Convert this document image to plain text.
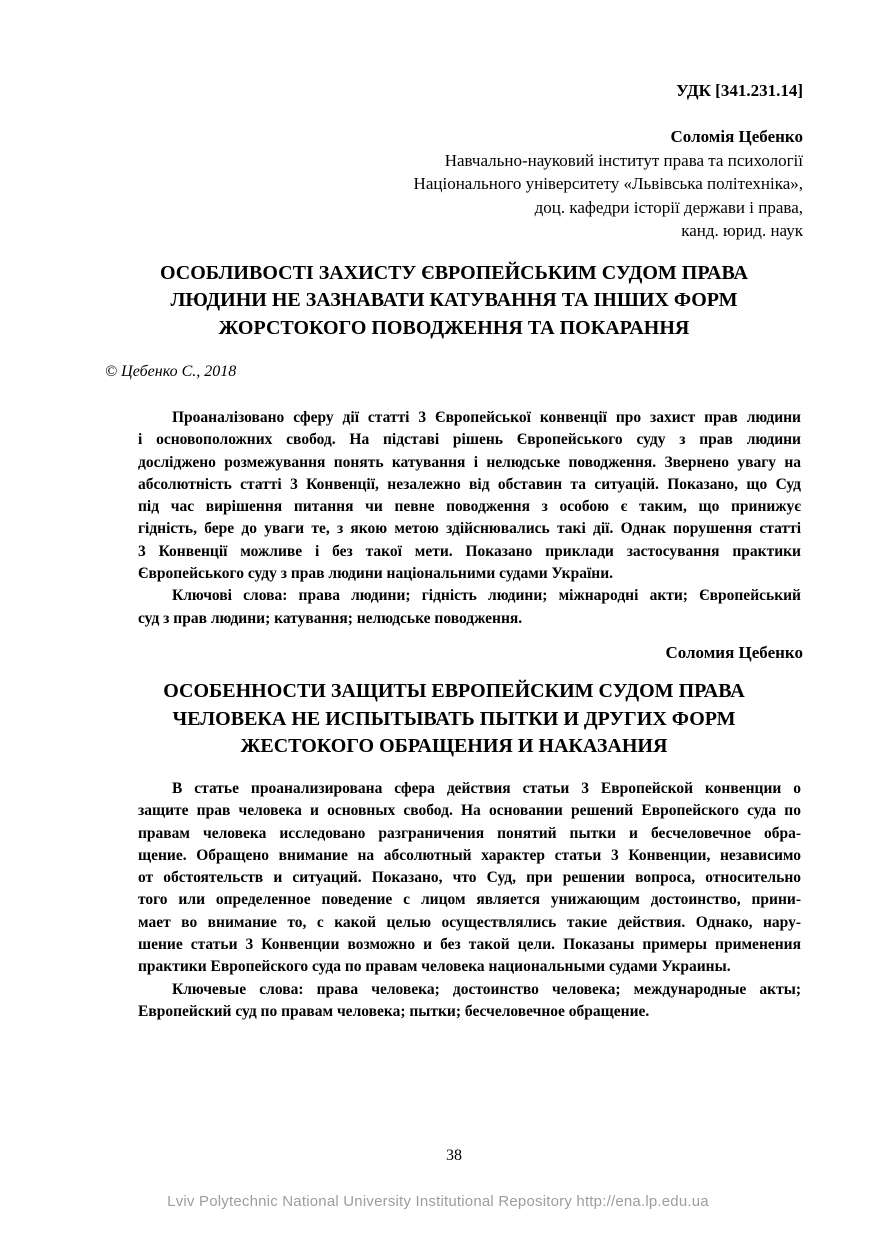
УДК [341.231.14]
Соломія Цебенко
Навчально-науковий інститут права та психології
Національного університету «Львівська політехніка»,
доц. кафедри історії держави і права,
канд. юрид. наук
ОСОБЛИВОСТІ ЗАХИСТУ ЄВРОПЕЙСЬКИМ СУДОМ ПРАВА
ЛЮДИНИ НЕ ЗАЗНАВАТИ КАТУВАННЯ ТА ІНШИХ ФОРМ
ЖОРСТОКОГО ПОВОДЖЕННЯ ТА ПОКАРАННЯ
© Цебенко С., 2018
Проаналізовано сферу дії статті 3 Європейської конвенції про захист прав людини
і основоположних свобод. На підставі рішень Європейського суду з прав людини
досліджено розмежування понять катування і нелюдське поводження. Звернено увагу на
абсолютність статті 3 Конвенції, незалежно від обставин та ситуацій. Показано, що Суд
під час вирішення питання чи певне поводження з особою є таким, що принижує
гідність, бере до уваги те, з якою метою здійснювались такі дії. Однак порушення статті
3 Конвенції можливе і без такої мети. Показано приклади застосування практики
Європейського суду з прав людини національними судами України.
Ключові слова: права людини; гідність людини; міжнародні акти; Європейський
суд з прав людини; катування; нелюдське поводження.
Соломия Цебенко
ОСОБЕННОСТИ ЗАЩИТЫ ЕВРОПЕЙСКИМ СУДОМ ПРАВА
ЧЕЛОВЕКА НЕ ИСПЫТЫВАТЬ ПЫТКИ И ДРУГИХ ФОРМ
ЖЕСТОКОГО ОБРАЩЕНИЯ И НАКАЗАНИЯ
В статье проанализирована сфера действия статьи 3 Европейской конвенции о
защите прав человека и основных свобод. На основании решений Европейского суда по
правам человека исследовано разграничения понятий пытки и бесчеловечное обра-
щение. Обращено внимание на абсолютный характер статьи 3 Конвенции, независимо
от обстоятельств и ситуаций. Показано, что Суд, при решении вопроса, относительно
того или определенное поведение с лицом является унижающим достоинство, прини-
мает во внимание то, с какой целью осуществлялись такие действия. Однако, нару-
шение статьи 3 Конвенции возможно и без такой цели. Показаны примеры применения
практики Европейского суда по правам человека национальными судами Украины.
Ключевые слова: права человека; достоинство человека; международные акты;
Европейский суд по правам человека; пытки; бесчеловечное обращение.
38
Lviv Polytechnic National University Institutional Repository http://ena.lp.edu.ua
